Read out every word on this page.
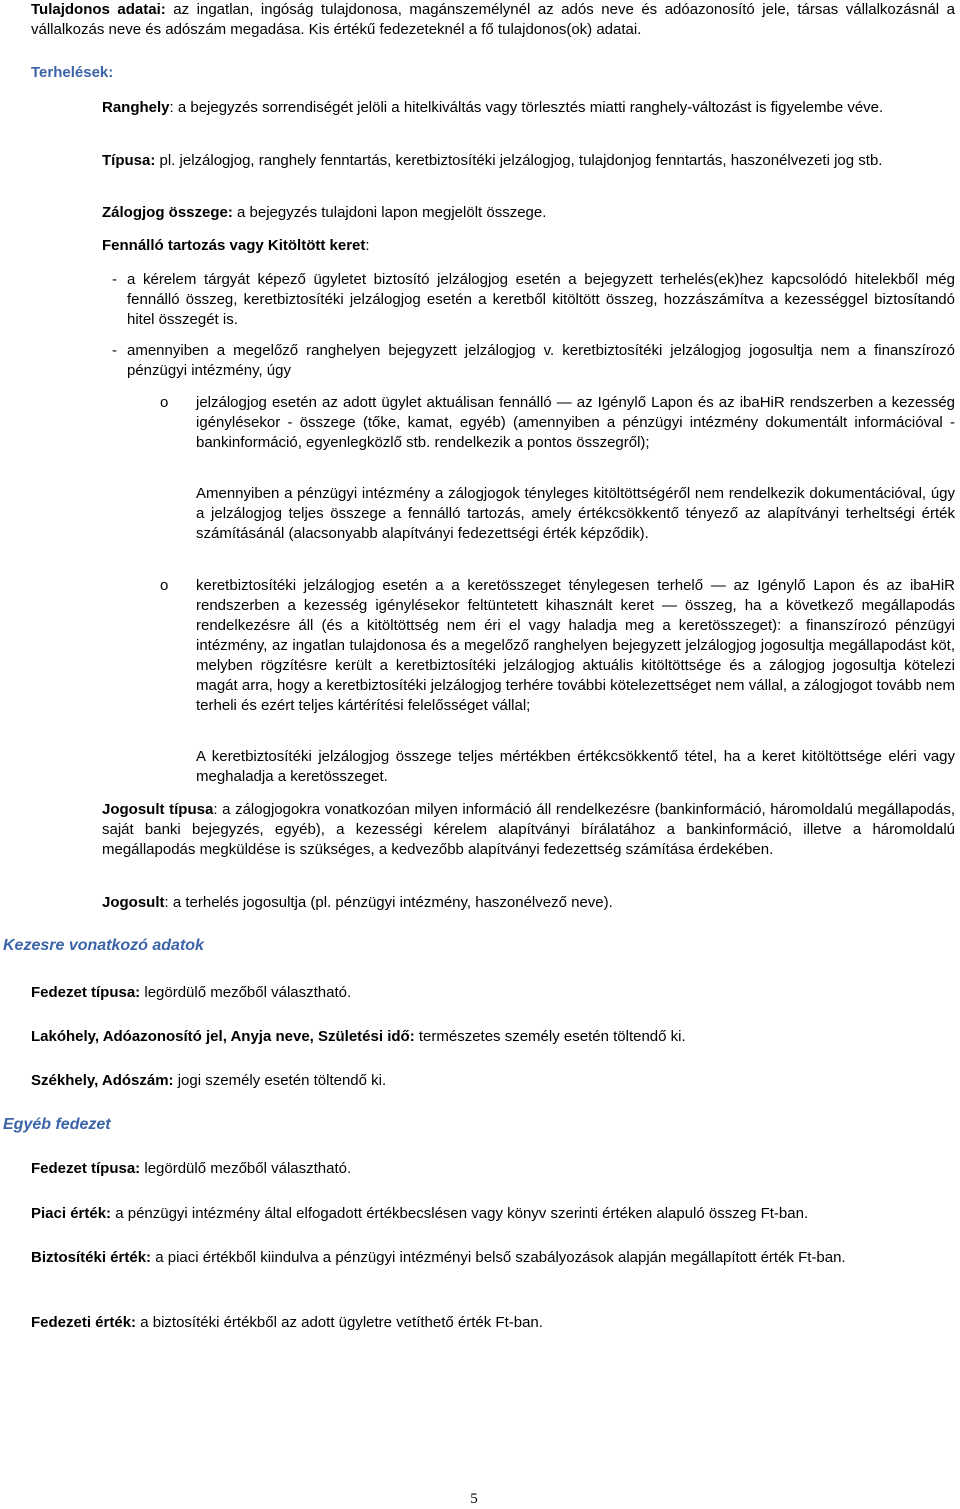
Tulajdonos adatai: az ingatlan, ingóság tulajdonosa, magánszemélynél az adós neve és adóazonosító jele, társas vállalkozásnál a vállalkozás neve és adószám megadása. Kis értékű fedezeteknél a fő tulajdonos(ok) adatai.

Terhelések:

Ranghely: a bejegyzés sorrendiségét jelöli a hitelkiváltás vagy törlesztés miatti ranghely-változást is figyelembe véve.

Típusa: pl. jelzálogjog, ranghely fenntartás, keretbiztosítéki jelzálogjog, tulajdonjog fenntartás, haszonélvezeti jog stb.

Zálogjog összege: a bejegyzés tulajdoni lapon megjelölt összege.

Fennálló tartozás vagy Kitöltött keret:

- a kérelem tárgyát képező ügyletet biztosító jelzálogjog esetén a bejegyzett terhelés(ek)hez kapcsolódó hitelekből még fennálló összeg, keretbiztosítéki jelzálogjog esetén a keretből kitöltött összeg, hozzászámítva a kezességgel biztosítandó hitel összegét is.

- amennyiben a megelőző ranghelyen bejegyzett jelzálogjog v. keretbiztosítéki jelzálogjog jogosultja nem a finanszírozó pénzügyi intézmény, úgy

o jelzálogjog esetén az adott ügylet aktuálisan fennálló — az Igénylő Lapon és az ibaHiR rendszerben a kezesség igénylésekor - összege (tőke, kamat, egyéb) (amennyiben a pénzügyi intézmény dokumentált információval - bankinformáció, egyenlegközlő stb. rendelkezik a pontos összegről);

Amennyiben a pénzügyi intézmény a zálogjogok tényleges kitöltöttségéről nem rendelkezik dokumentációval, úgy a jelzálogjog teljes összege a fennálló tartozás, amely értékcsökkentő tényező az alapítványi terheltségi érték számításánál (alacsonyabb alapítványi fedezettségi érték képződik).

o keretbiztosítéki jelzálogjog esetén a a keretösszeget ténylegesen terhelő — az Igénylő Lapon és az ibaHiR rendszerben a kezesség igénylésekor feltüntetett kihasznált keret — összeg, ha a következő megállapodás rendelkezésre áll (és a kitöltöttség nem éri el vagy haladja meg a keretösszeget): a finanszírozó pénzügyi intézmény, az ingatlan tulajdonosa és a megelőző ranghelyen bejegyzett jelzálogjog jogosultja megállapodást köt, melyben rögzítésre került a keretbiztosítéki jelzálogjog aktuális kitöltöttsége és a zálogjog jogosultja kötelezi magát arra, hogy a keretbiztosítéki jelzálogjog terhére további kötelezettséget nem vállal, a zálogjogot tovább nem terheli és ezért teljes kártérítési felelősséget vállal;

A keretbiztosítéki jelzálogjog összege teljes mértékben értékcsökkentő tétel, ha a keret kitöltöttsége eléri vagy meghaladja a keretösszeget.

Jogosult típusa: a zálogjogokra vonatkozóan milyen információ áll rendelkezésre (bankinformáció, háromoldalú megállapodás, saját banki bejegyzés, egyéb), a kezességi kérelem alapítványi bírálatához a bankinformáció, illetve a háromoldalú megállapodás megküldése is szükséges, a kedvezőbb alapítványi fedezettség számítása érdekében.

Jogosult: a terhelés jogosultja (pl. pénzügyi intézmény, haszonélvező neve).

Kezesre vonatkozó adatok

Fedezet típusa: legördülő mezőből választható.

Lakóhely, Adóazonosító jel, Anyja neve, Születési idő: természetes személy esetén töltendő ki.

Székhely, Adószám: jogi személy esetén töltendő ki.

Egyéb fedezet

Fedezet típusa: legördülő mezőből választható.

Piaci érték: a pénzügyi intézmény által elfogadott értékbecslésen vagy könyv szerinti értéken alapuló összeg Ft-ban.

Biztosítéki érték: a piaci értékből kiindulva a pénzügyi intézményi belső szabályozások alapján megállapított érték Ft-ban.

Fedezeti érték: a biztosítéki értékből az adott ügyletre vetíthető érték Ft-ban.

5
